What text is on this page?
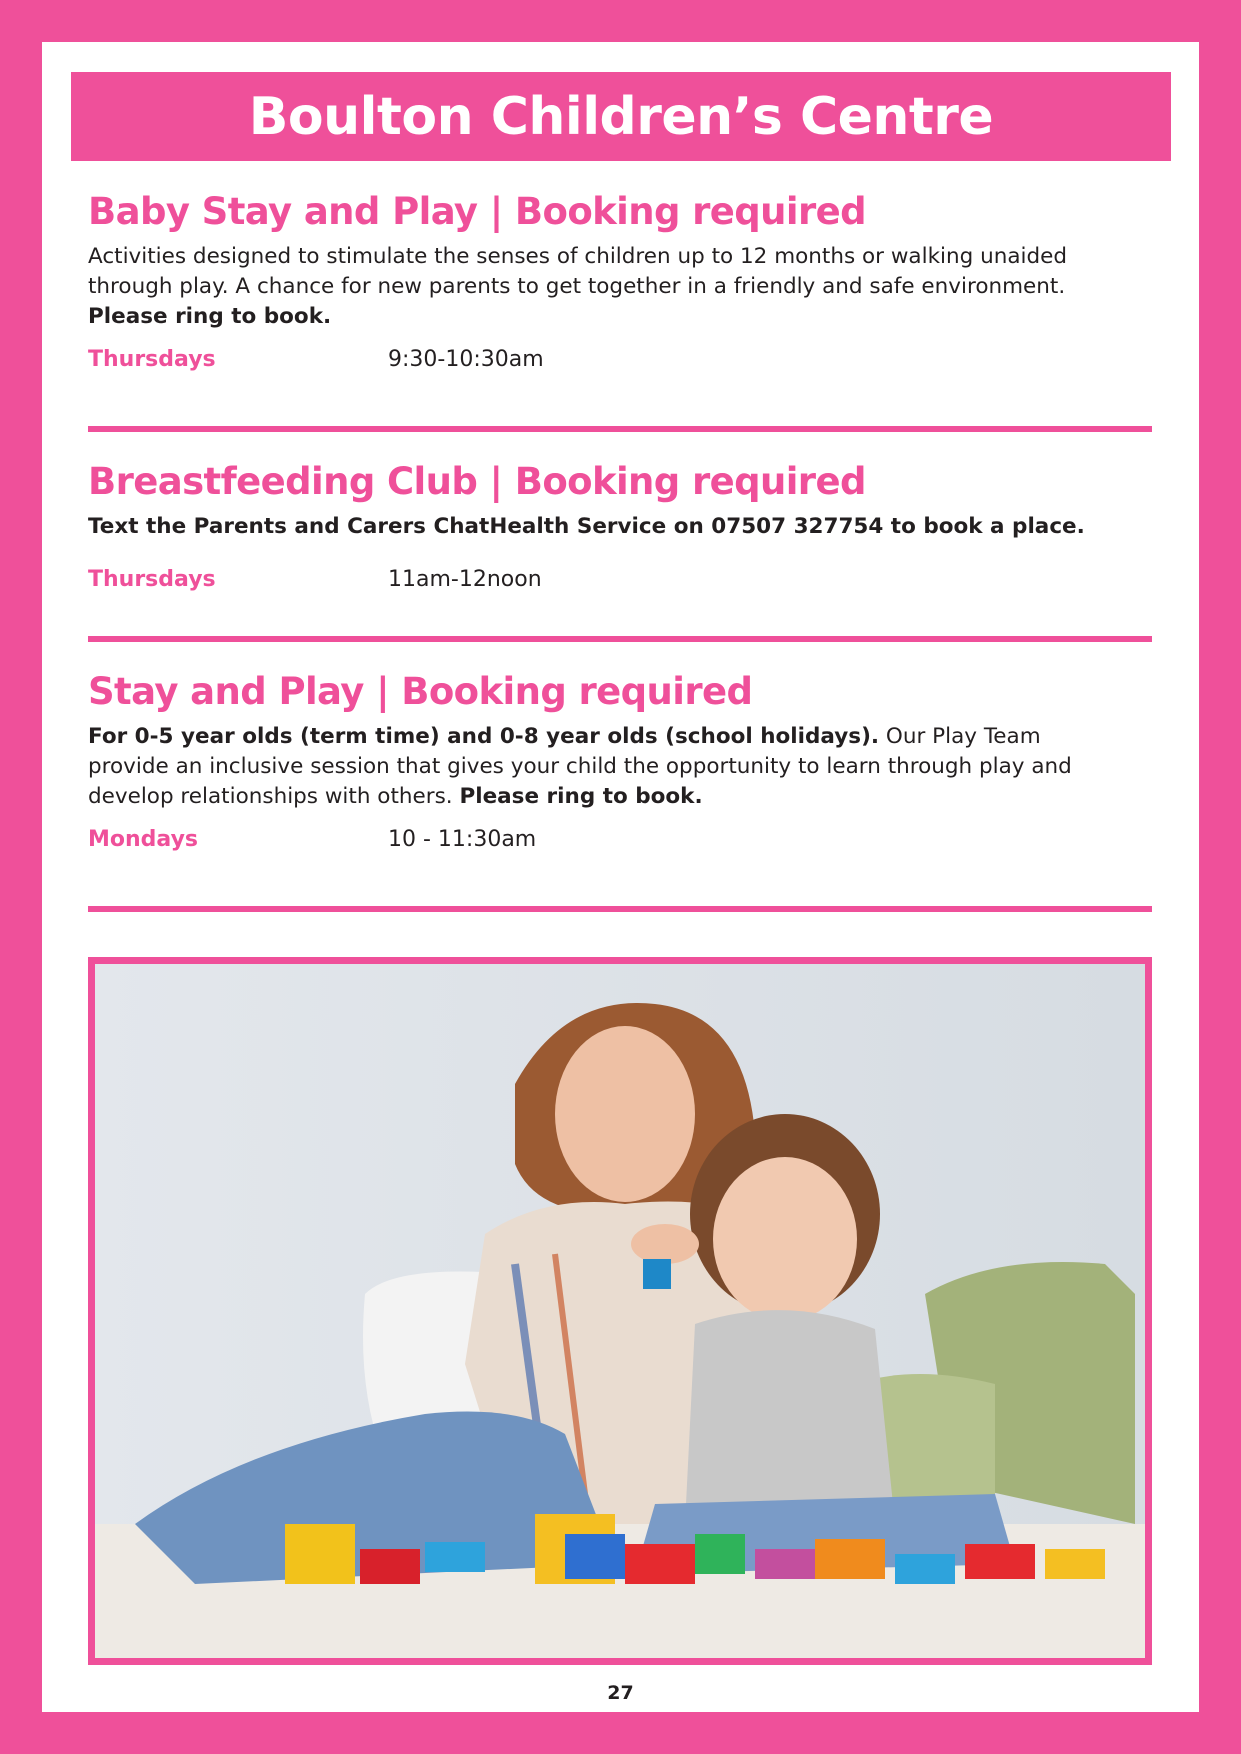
Boulton Children’s Centre
Baby Stay and Play | Booking required

Activities designed to stimulate the senses of children up to 12 months or walking unaided through play. A chance for new parents to get together in a friendly and safe environment. Please ring to book.

Thursdays	9:30-10:30am
Breastfeeding Club | Booking required

Text the Parents and Carers ChatHealth Service on 07507 327754 to book a place.

Thursdays	11am-12noon
Stay and Play | Booking required

For 0-5 year olds (term time) and 0-8 year olds (school holidays). Our Play Team provide an inclusive session that gives your child the opportunity to learn through play and develop relationships with others. Please ring to book.

Mondays	10 - 11:30am
27
